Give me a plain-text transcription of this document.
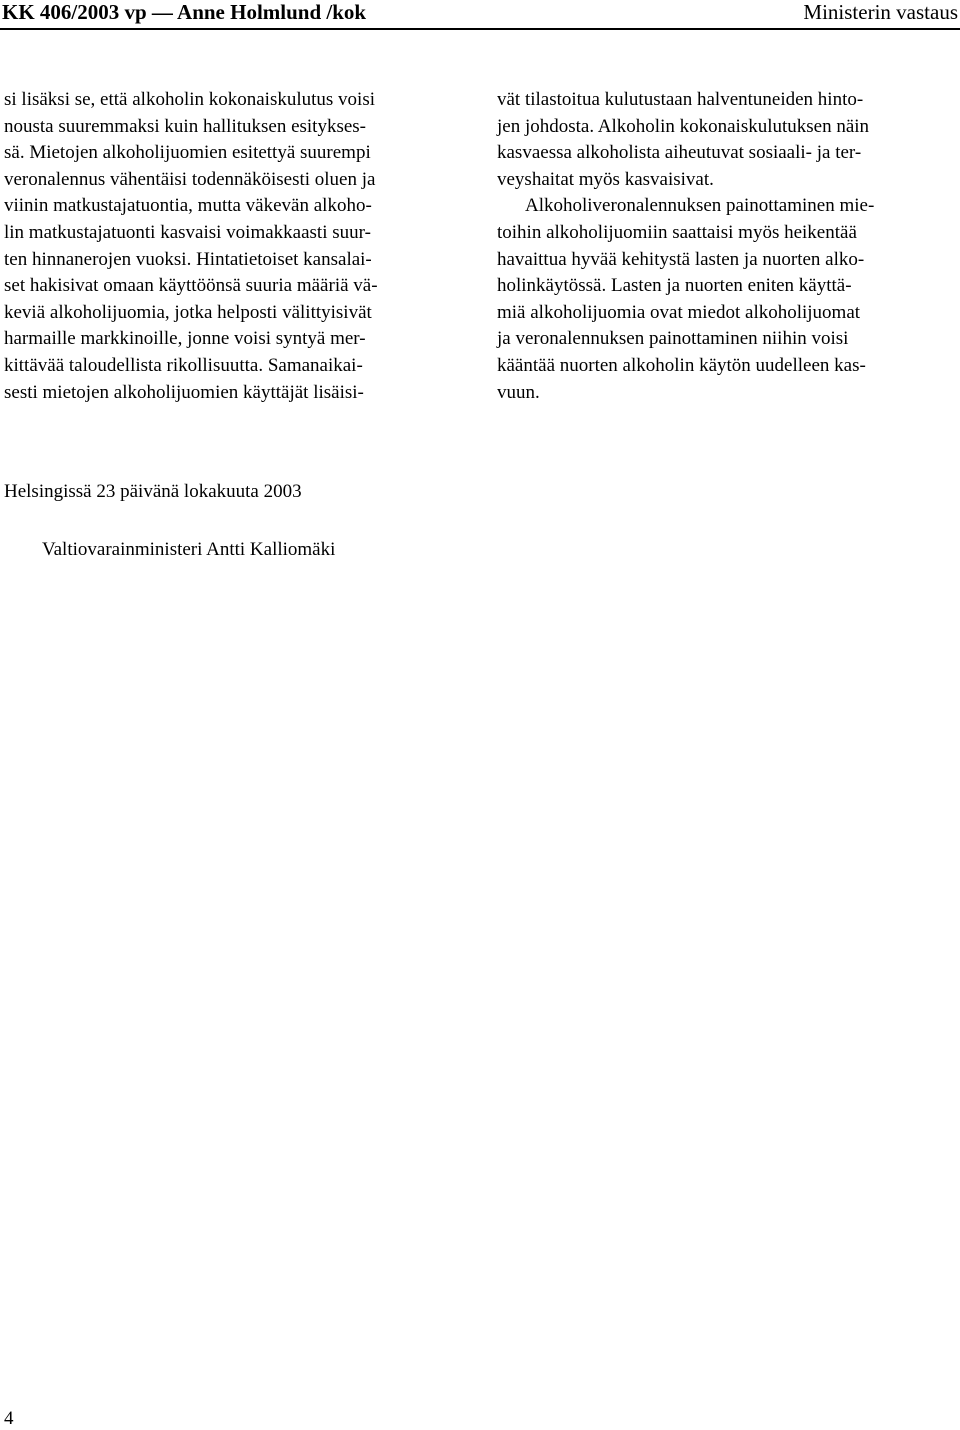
KK 406/2003 vp — Anne Holmlund /kok	Ministerin vastaus

si lisäksi se, että alkoholin kokonaiskulutus voisi
nousta suuremmaksi kuin hallituksen esitykses-
sä. Mietojen alkoholijuomien esitettyä suurempi
veronalennus vähentäisi todennäköisesti oluen ja
viinin matkustajatuontia, mutta väkevän alkoho-
lin matkustajatuonti kasvaisi voimakkaasti suur-
ten hinnanerojen vuoksi. Hintatietoiset kansalai-
set hakisivat omaan käyttöönsä suuria määriä vä-
keviä alkoholijuomia, jotka helposti välittyisivät
harmaille markkinoille, jonne voisi syntyä mer-
kittävää taloudellista rikollisuutta. Samanaikai-
sesti mietojen alkoholijuomien käyttäjät lisäisi-

vät tilastoitua kulutustaan halventuneiden hinto-
jen johdosta. Alkoholin kokonaiskulutuksen näin
kasvaessa alkoholista aiheutuvat sosiaali- ja ter-
veyshaitat myös kasvaisivat.

Alkoholiveronalennuksen painottaminen mie-
toihin alkoholijuomiin saattaisi myös heikentää
havaittua hyvää kehitystä lasten ja nuorten alko-
holinkäytössä. Lasten ja nuorten eniten käyttä-
miä alkoholijuomia ovat miedot alkoholijuomat
ja veronalennuksen painottaminen niihin voisi
kääntää nuorten alkoholin käytön uudelleen kas-
vuun.

Helsingissä 23 päivänä lokakuuta 2003
Valtiovarainministeri Antti Kalliomäki
4
